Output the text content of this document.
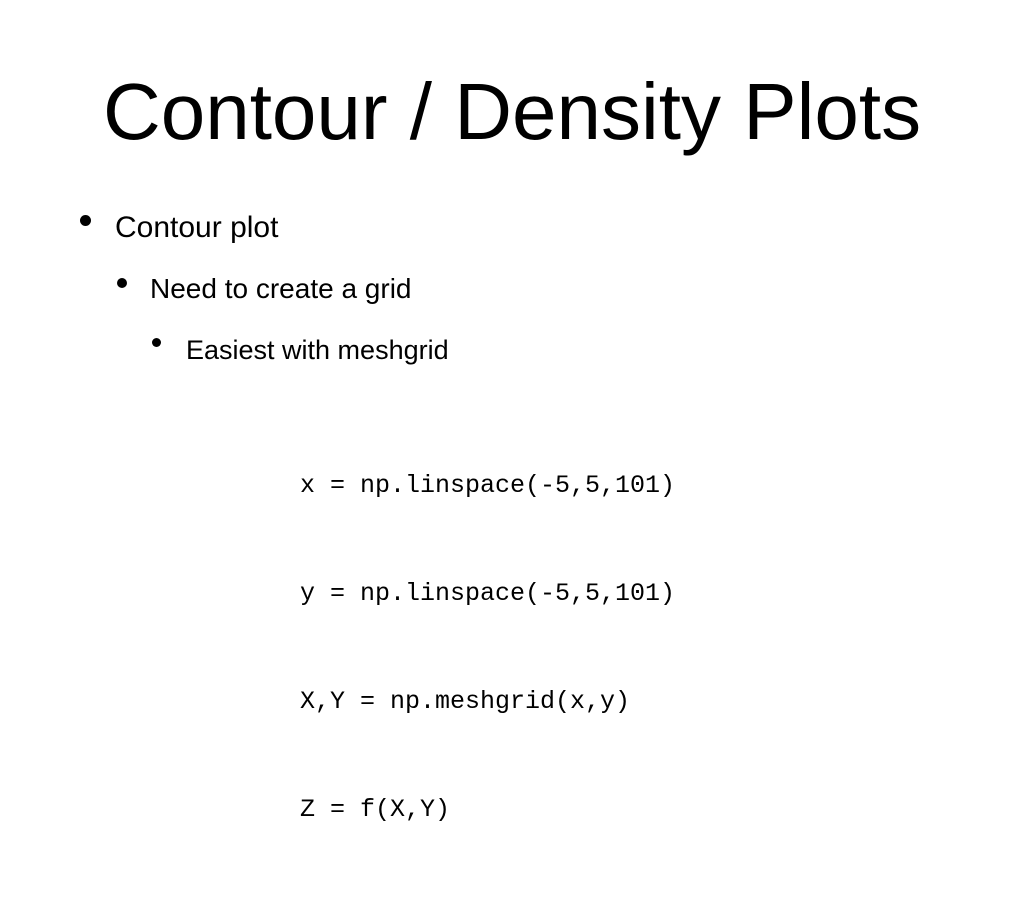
Contour / Density Plots
Contour plot
Need to create a grid
Easiest with meshgrid

x = np.linspace(-5,5,101)

y = np.linspace(-5,5,101)

X,Y = np.meshgrid(x,y)

Z = f(X,Y)
